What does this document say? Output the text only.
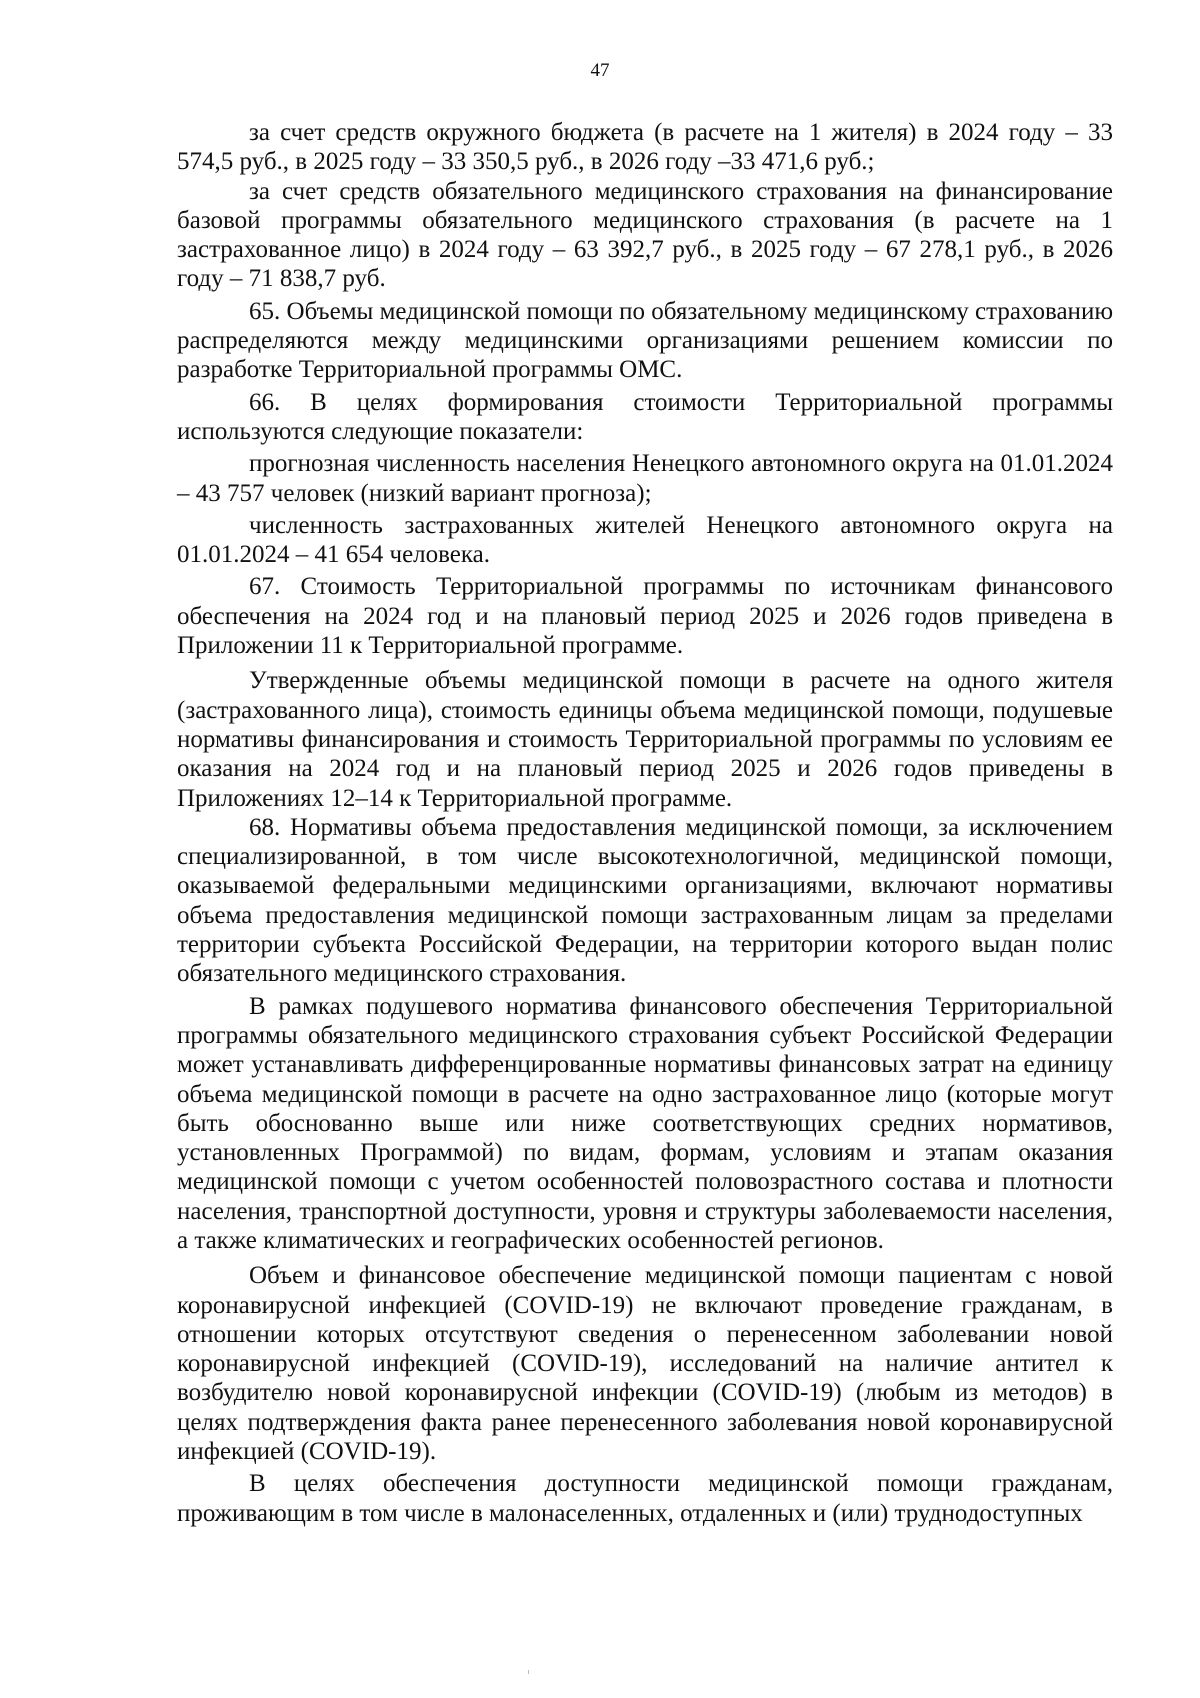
47

за счет средств окружного бюджета (в расчете на 1 жителя) в 2024 году – 33 574,5 руб., в 2025 году – 33 350,5 руб., в 2026 году –33 471,6 руб.;

за счет средств обязательного медицинского страхования на финансирование базовой программы обязательного медицинского страхования (в расчете на 1 застрахованное лицо) в 2024 году – 63 392,7 руб., в 2025 году – 67 278,1 руб., в 2026 году – 71 838,7 руб.

65. Объемы медицинской помощи по обязательному медицинскому страхованию распределяются между медицинскими организациями решением комиссии по разработке Территориальной программы ОМС.

66. В целях формирования стоимости Территориальной программы используются следующие показатели:

прогнозная численность населения Ненецкого автономного округа на 01.01.2024 – 43 757 человек (низкий вариант прогноза);

численность застрахованных жителей Ненецкого автономного округа на 01.01.2024 – 41 654 человека.

67. Стоимость Территориальной программы по источникам финансового обеспечения на 2024 год и на плановый период 2025 и 2026 годов приведена в Приложении 11 к Территориальной программе.

Утвержденные объемы медицинской помощи в расчете на одного жителя (застрахованного лица), стоимость единицы объема медицинской помощи, подушевые нормативы финансирования и стоимость Территориальной программы по условиям ее оказания на 2024 год и на плановый период 2025 и 2026 годов приведены в Приложениях 12–14 к Территориальной программе.

68. Нормативы объема предоставления медицинской помощи, за исключением специализированной, в том числе высокотехнологичной, медицинской помощи, оказываемой федеральными медицинскими организациями, включают нормативы объема предоставления медицинской помощи застрахованным лицам за пределами территории субъекта Российской Федерации, на территории которого выдан полис обязательного медицинского страхования.

В рамках подушевого норматива финансового обеспечения Территориальной программы обязательного медицинского страхования субъект Российской Федерации может устанавливать дифференцированные нормативы финансовых затрат на единицу объема медицинской помощи в расчете на одно застрахованное лицо (которые могут быть обоснованно выше или ниже соответствующих средних нормативов, установленных Программой) по видам, формам, условиям и этапам оказания медицинской помощи с учетом особенностей половозрастного состава и плотности населения, транспортной доступности, уровня и структуры заболеваемости населения, а также климатических и географических особенностей регионов.

Объем и финансовое обеспечение медицинской помощи пациентам с новой коронавирусной инфекцией (COVID-19) не включают проведение гражданам, в отношении которых отсутствуют сведения о перенесенном заболевании новой коронавирусной инфекцией (COVID-19), исследований на наличие антител к возбудителю новой коронавирусной инфекции (COVID-19) (любым из методов) в целях подтверждения факта ранее перенесенного заболевания новой коронавирусной инфекцией (COVID-19).

В целях обеспечения доступности медицинской помощи гражданам, проживающим в том числе в малонаселенных, отдаленных и (или) труднодоступных
